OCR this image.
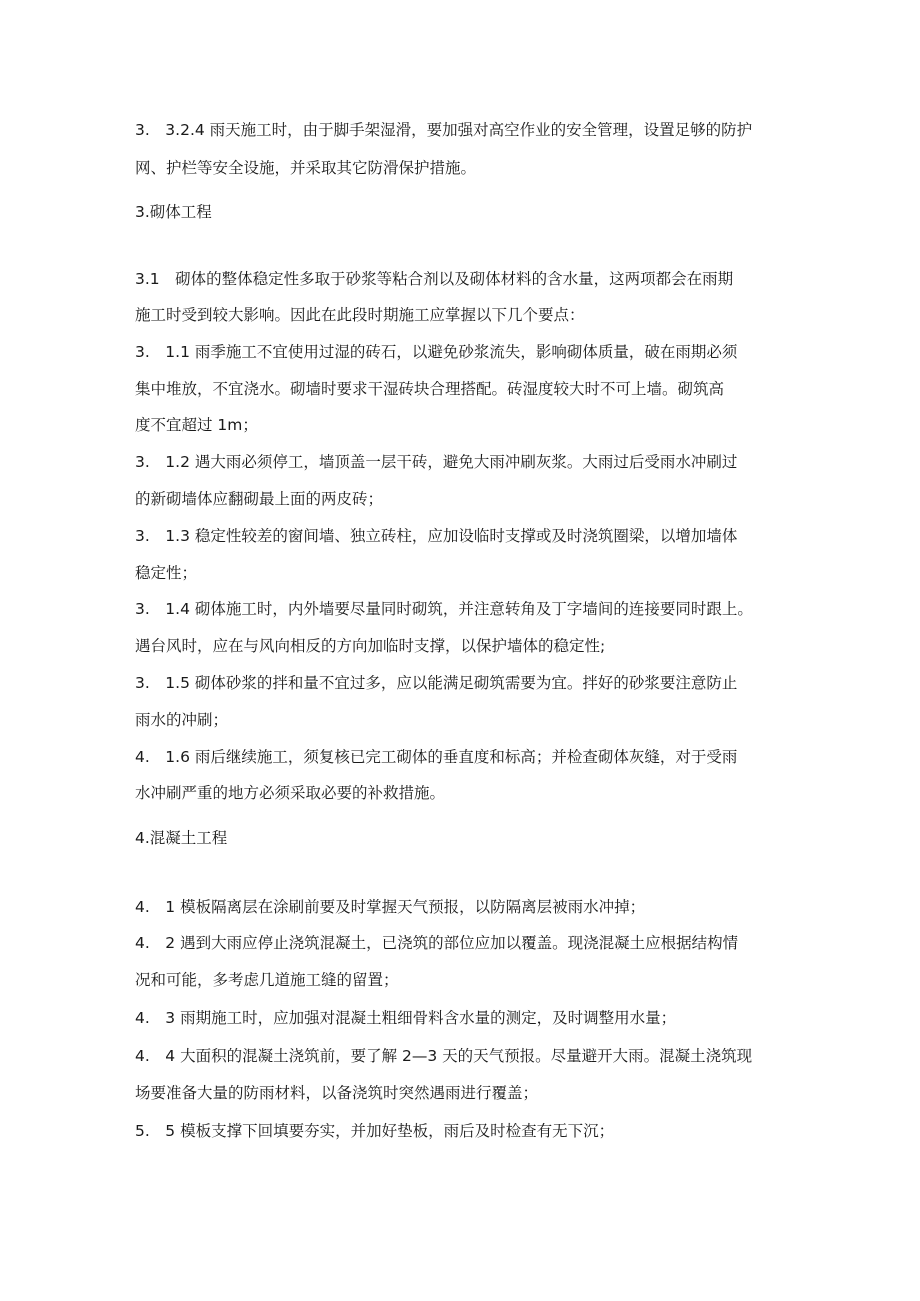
3.　3.2.4 雨天施工时，由于脚手架湿滑，要加强对高空作业的安全管理，设置足够的防护
网、护栏等安全设施，并采取其它防滑保护措施。
3.砌体工程
3.1　砌体的整体稳定性多取于砂浆等粘合剂以及砌体材料的含水量，这两项都会在雨期
施工时受到较大影响。因此在此段时期施工应掌握以下几个要点：
3.　1.1 雨季施工不宜使用过湿的砖石，以避免砂浆流失，影响砌体质量，破在雨期必须
集中堆放，不宜浇水。砌墙时要求干湿砖块合理搭配。砖湿度较大时不可上墙。砌筑高
度不宜超过 1m；
3.　1.2 遇大雨必须停工，墙顶盖一层干砖，避免大雨冲刷灰浆。大雨过后受雨水冲刷过
的新砌墙体应翻砌最上面的两皮砖；
3.　1.3 稳定性较差的窗间墙、独立砖柱，应加设临时支撑或及时浇筑圈梁，以增加墙体
稳定性；
3.　1.4 砌体施工时，内外墙要尽量同时砌筑，并注意转角及丁字墙间的连接要同时跟上。
遇台风时，应在与风向相反的方向加临时支撑，以保护墙体的稳定性;
3.　1.5 砌体砂浆的拌和量不宜过多，应以能满足砌筑需要为宜。拌好的砂浆要注意防止
雨水的冲刷；
4.　1.6 雨后继续施工，须复核已完工砌体的垂直度和标高；并检查砌体灰缝，对于受雨
水冲刷严重的地方必须采取必要的补救措施。
4.混凝土工程
4.　1 模板隔离层在涂刷前要及时掌握天气预报，以防隔离层被雨水冲掉；
4.　2 遇到大雨应停止浇筑混凝土，已浇筑的部位应加以覆盖。现浇混凝土应根据结构情
况和可能，多考虑几道施工缝的留置；
4.　3 雨期施工时，应加强对混凝土粗细骨料含水量的测定，及时调整用水量；
4.　4 大面积的混凝土浇筑前，要了解 2—3 天的天气预报。尽量避开大雨。混凝土浇筑现
场要准备大量的防雨材料，以备浇筑时突然遇雨进行覆盖；
5.　5 模板支撑下回填要夯实，并加好垫板，雨后及时检查有无下沉；
